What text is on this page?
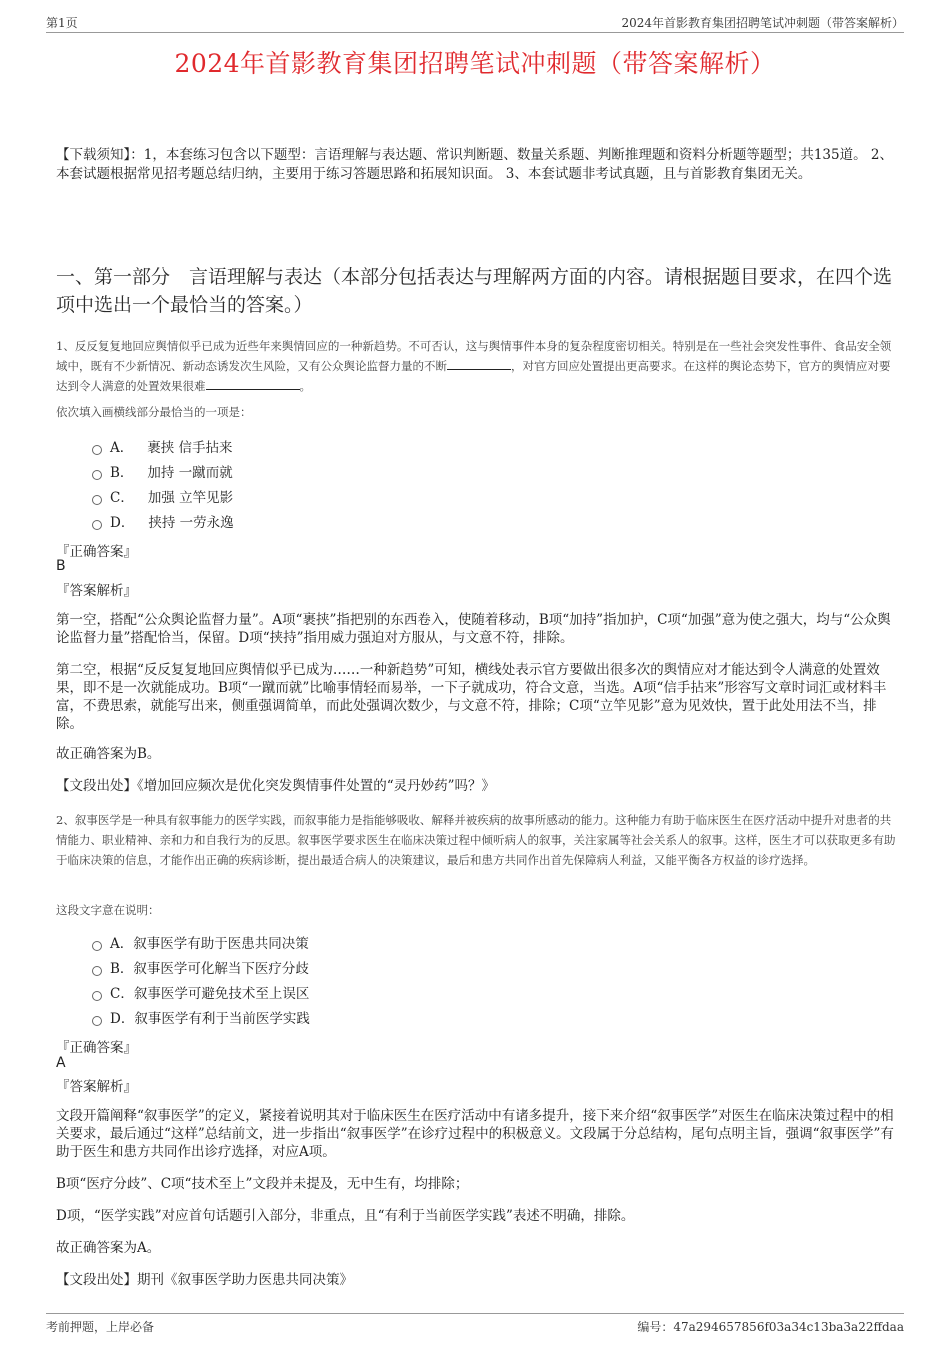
第1页	2024年首影教育集团招聘笔试冲刺题（带答案解析）
2024年首影教育集团招聘笔试冲刺题（带答案解析）
【下载须知】：1，本套练习包含以下题型：言语理解与表达题、常识判断题、数量关系题、判断推理题和资料分析题等题型；共135道。 2、本套试题根据常见招考题总结归纳，主要用于练习答题思路和拓展知识面。 3、本套试题非考试真题，且与首影教育集团无关。
一、第一部分　言语理解与表达（本部分包括表达与理解两方面的内容。请根据题目要求，在四个选项中选出一个最恰当的答案。）
1、反反复复地回应舆情似乎已成为近些年来舆情回应的一种新趋势。不可否认，这与舆情事件本身的复杂程度密切相关。特别是在一些社会突发性事件、食品安全领域中，既有不少新情况、新动态诱发次生风险，又有公众舆论监督力量的不断	，对官方回应处置提出更高要求。在这样的舆论态势下，官方的舆情应对要达到令人满意的处置效果很难	。
依次填入画横线部分最恰当的一项是：
A． 裹挟 信手拈来
B． 加持 一蹴而就
C． 加强 立竿见影
D． 挟持 一劳永逸
『正确答案』
B
『答案解析』
第一空，搭配“公众舆论监督力量”。A项“裹挟”指把别的东西卷入，使随着移动，B项“加持”指加护，C项“加强”意为使之强大，均与“公众舆论监督力量”搭配恰当，保留。D项“挟持”指用威力强迫对方服从，与文意不符，排除。
第二空，根据“反反复复地回应舆情似乎已成为……一种新趋势”可知，横线处表示官方要做出很多次的舆情应对才能达到令人满意的处置效果，即不是一次就能成功。B项“一蹴而就”比喻事情轻而易举，一下子就成功，符合文意，当选。A项“信手拈来”形容写文章时词汇或材料丰富，不费思索，就能写出来，侧重强调简单，而此处强调次数少，与文意不符，排除；C项“立竿见影”意为见效快，置于此处用法不当，排除。
故正确答案为B。
【文段出处】《增加回应频次是优化突发舆情事件处置的“灵丹妙药”吗？》
2、叙事医学是一种具有叙事能力的医学实践，而叙事能力是指能够吸收、解释并被疾病的故事所感动的能力。这种能力有助于临床医生在医疗活动中提升对患者的共情能力、职业精神、亲和力和自我行为的反思。叙事医学要求医生在临床决策过程中倾听病人的叙事，关注家属等社会关系人的叙事。这样，医生才可以获取更多有助于临床决策的信息，才能作出正确的疾病诊断，提出最适合病人的决策建议，最后和患方共同作出首先保障病人利益，又能平衡各方权益的诊疗选择。
这段文字意在说明：
A．叙事医学有助于医患共同决策
B．叙事医学可化解当下医疗分歧
C．叙事医学可避免技术至上误区
D．叙事医学有利于当前医学实践
『正确答案』
A
『答案解析』
文段开篇阐释“叙事医学”的定义，紧接着说明其对于临床医生在医疗活动中有诸多提升，接下来介绍“叙事医学”对医生在临床决策过程中的相关要求，最后通过“这样”总结前文，进一步指出“叙事医学”在诊疗过程中的积极意义。文段属于分总结构，尾句点明主旨，强调“叙事医学”有助于医生和患方共同作出诊疗选择，对应A项。
B项“医疗分歧”、C项“技术至上”文段并未提及，无中生有，均排除；
D项，“医学实践”对应首句话题引入部分，非重点，且“有利于当前医学实践”表述不明确，排除。
故正确答案为A。
【文段出处】期刊《叙事医学助力医患共同决策》
考前押题，上岸必备	编号：47a294657856f03a34c13ba3a22ffdaa
